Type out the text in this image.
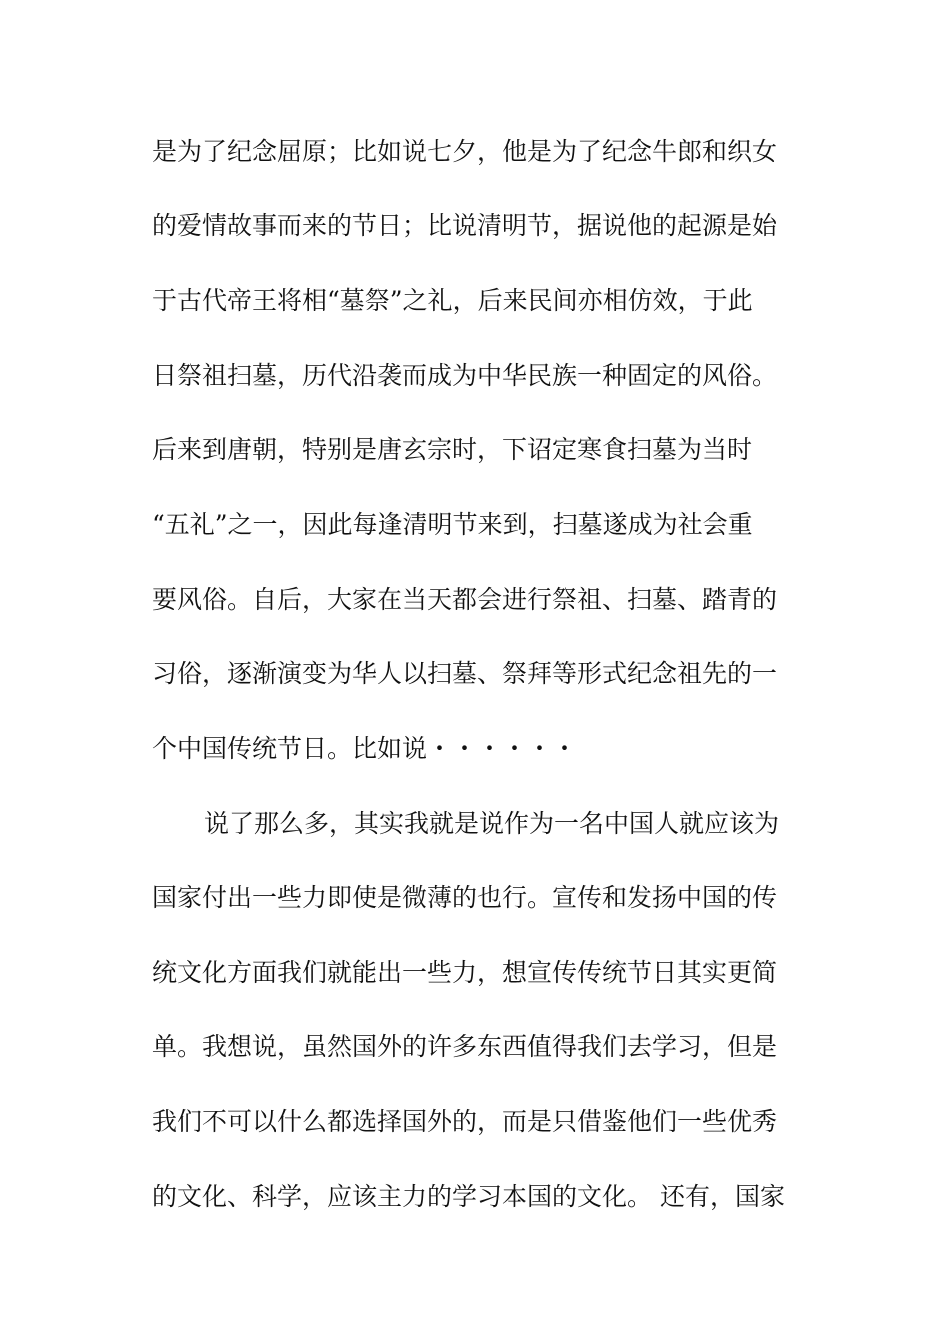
是为了纪念屈原；比如说七夕，他是为了纪念牛郎和织女
的爱情故事而来的节日；比说清明节，据说他的起源是始
于古代帝王将相“墓祭”之礼，后来民间亦相仿效，于此
日祭祖扫墓，历代沿袭而成为中华民族一种固定的风俗。
后来到唐朝，特别是唐玄宗时，下诏定寒食扫墓为当时
“五礼”之一，因此每逢清明节来到，扫墓遂成为社会重
要风俗。自后，大家在当天都会进行祭祖、扫墓、踏青的
习俗，逐渐演变为华人以扫墓、祭拜等形式纪念祖先的一
个中国传统节日。比如说・・・・・・
说了那么多，其实我就是说作为一名中国人就应该为
国家付出一些力即使是微薄的也行。宣传和发扬中国的传
统文化方面我们就能出一些力，想宣传传统节日其实更简
单。我想说，虽然国外的许多东西值得我们去学习，但是
我们不可以什么都选择国外的，而是只借鉴他们一些优秀
的文化、科学，应该主力的学习本国的文化。 还有，国家
